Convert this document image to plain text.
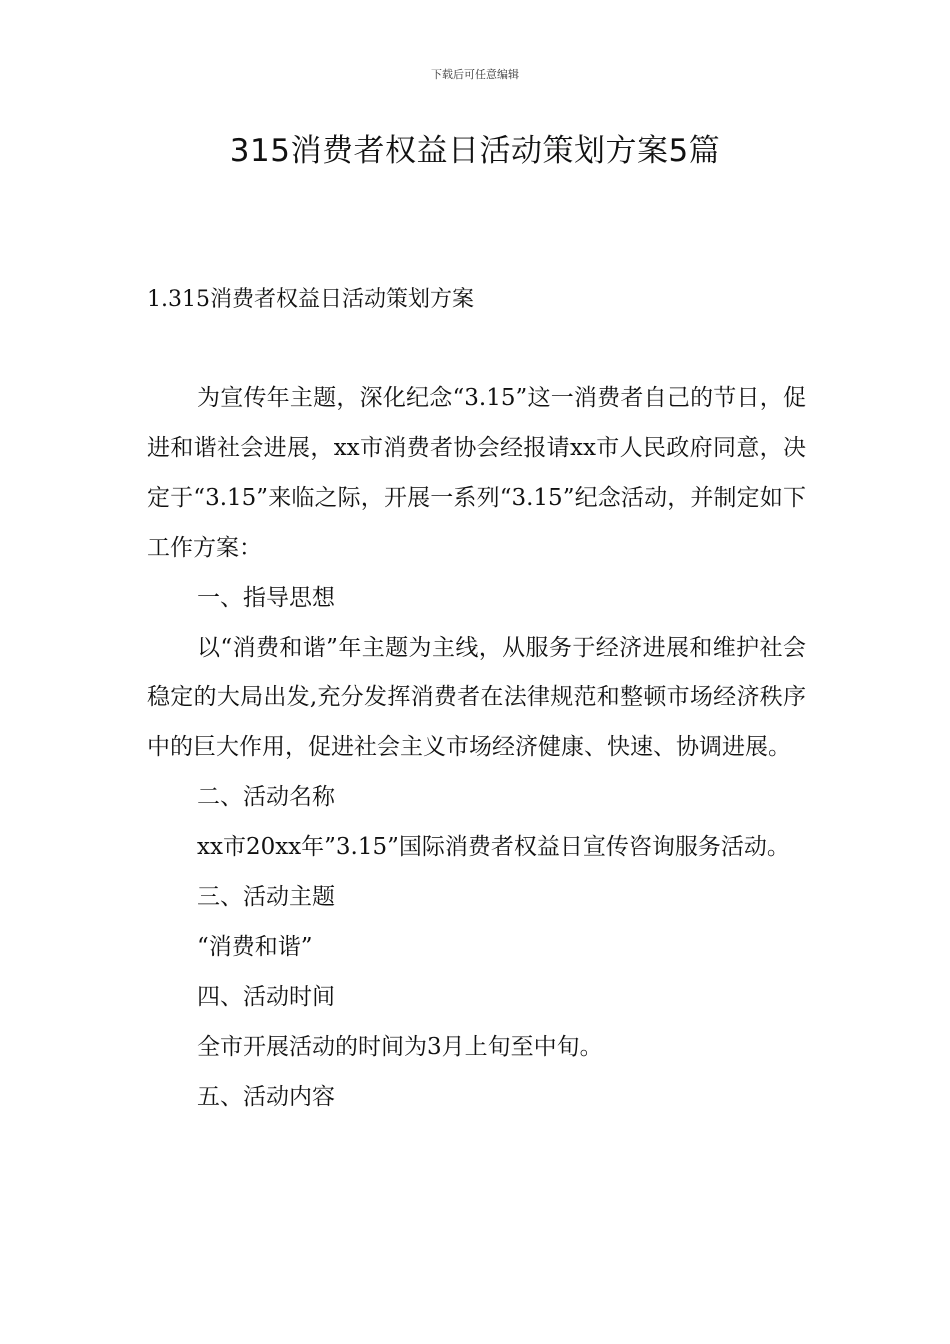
下载后可任意编辑
315消费者权益日活动策划方案5篇
1.315消费者权益日活动策划方案

为宣传年主题，深化纪念“3.15”这一消费者自己的节日，促进和谐社会进展，xx市消费者协会经报请xx市人民政府同意，决定于“3.15”来临之际，开展一系列“3.15”纪念活动，并制定如下工作方案：

一、指导思想

以“消费和谐”年主题为主线，从服务于经济进展和维护社会稳定的大局出发,充分发挥消费者在法律规范和整顿市场经济秩序中的巨大作用，促进社会主义市场经济健康、快速、协调进展。

二、活动名称

xx市20xx年”3.15”国际消费者权益日宣传咨询服务活动。

三、活动主题

“消费和谐”

四、活动时间

全市开展活动的时间为3月上旬至中旬。

五、活动内容
